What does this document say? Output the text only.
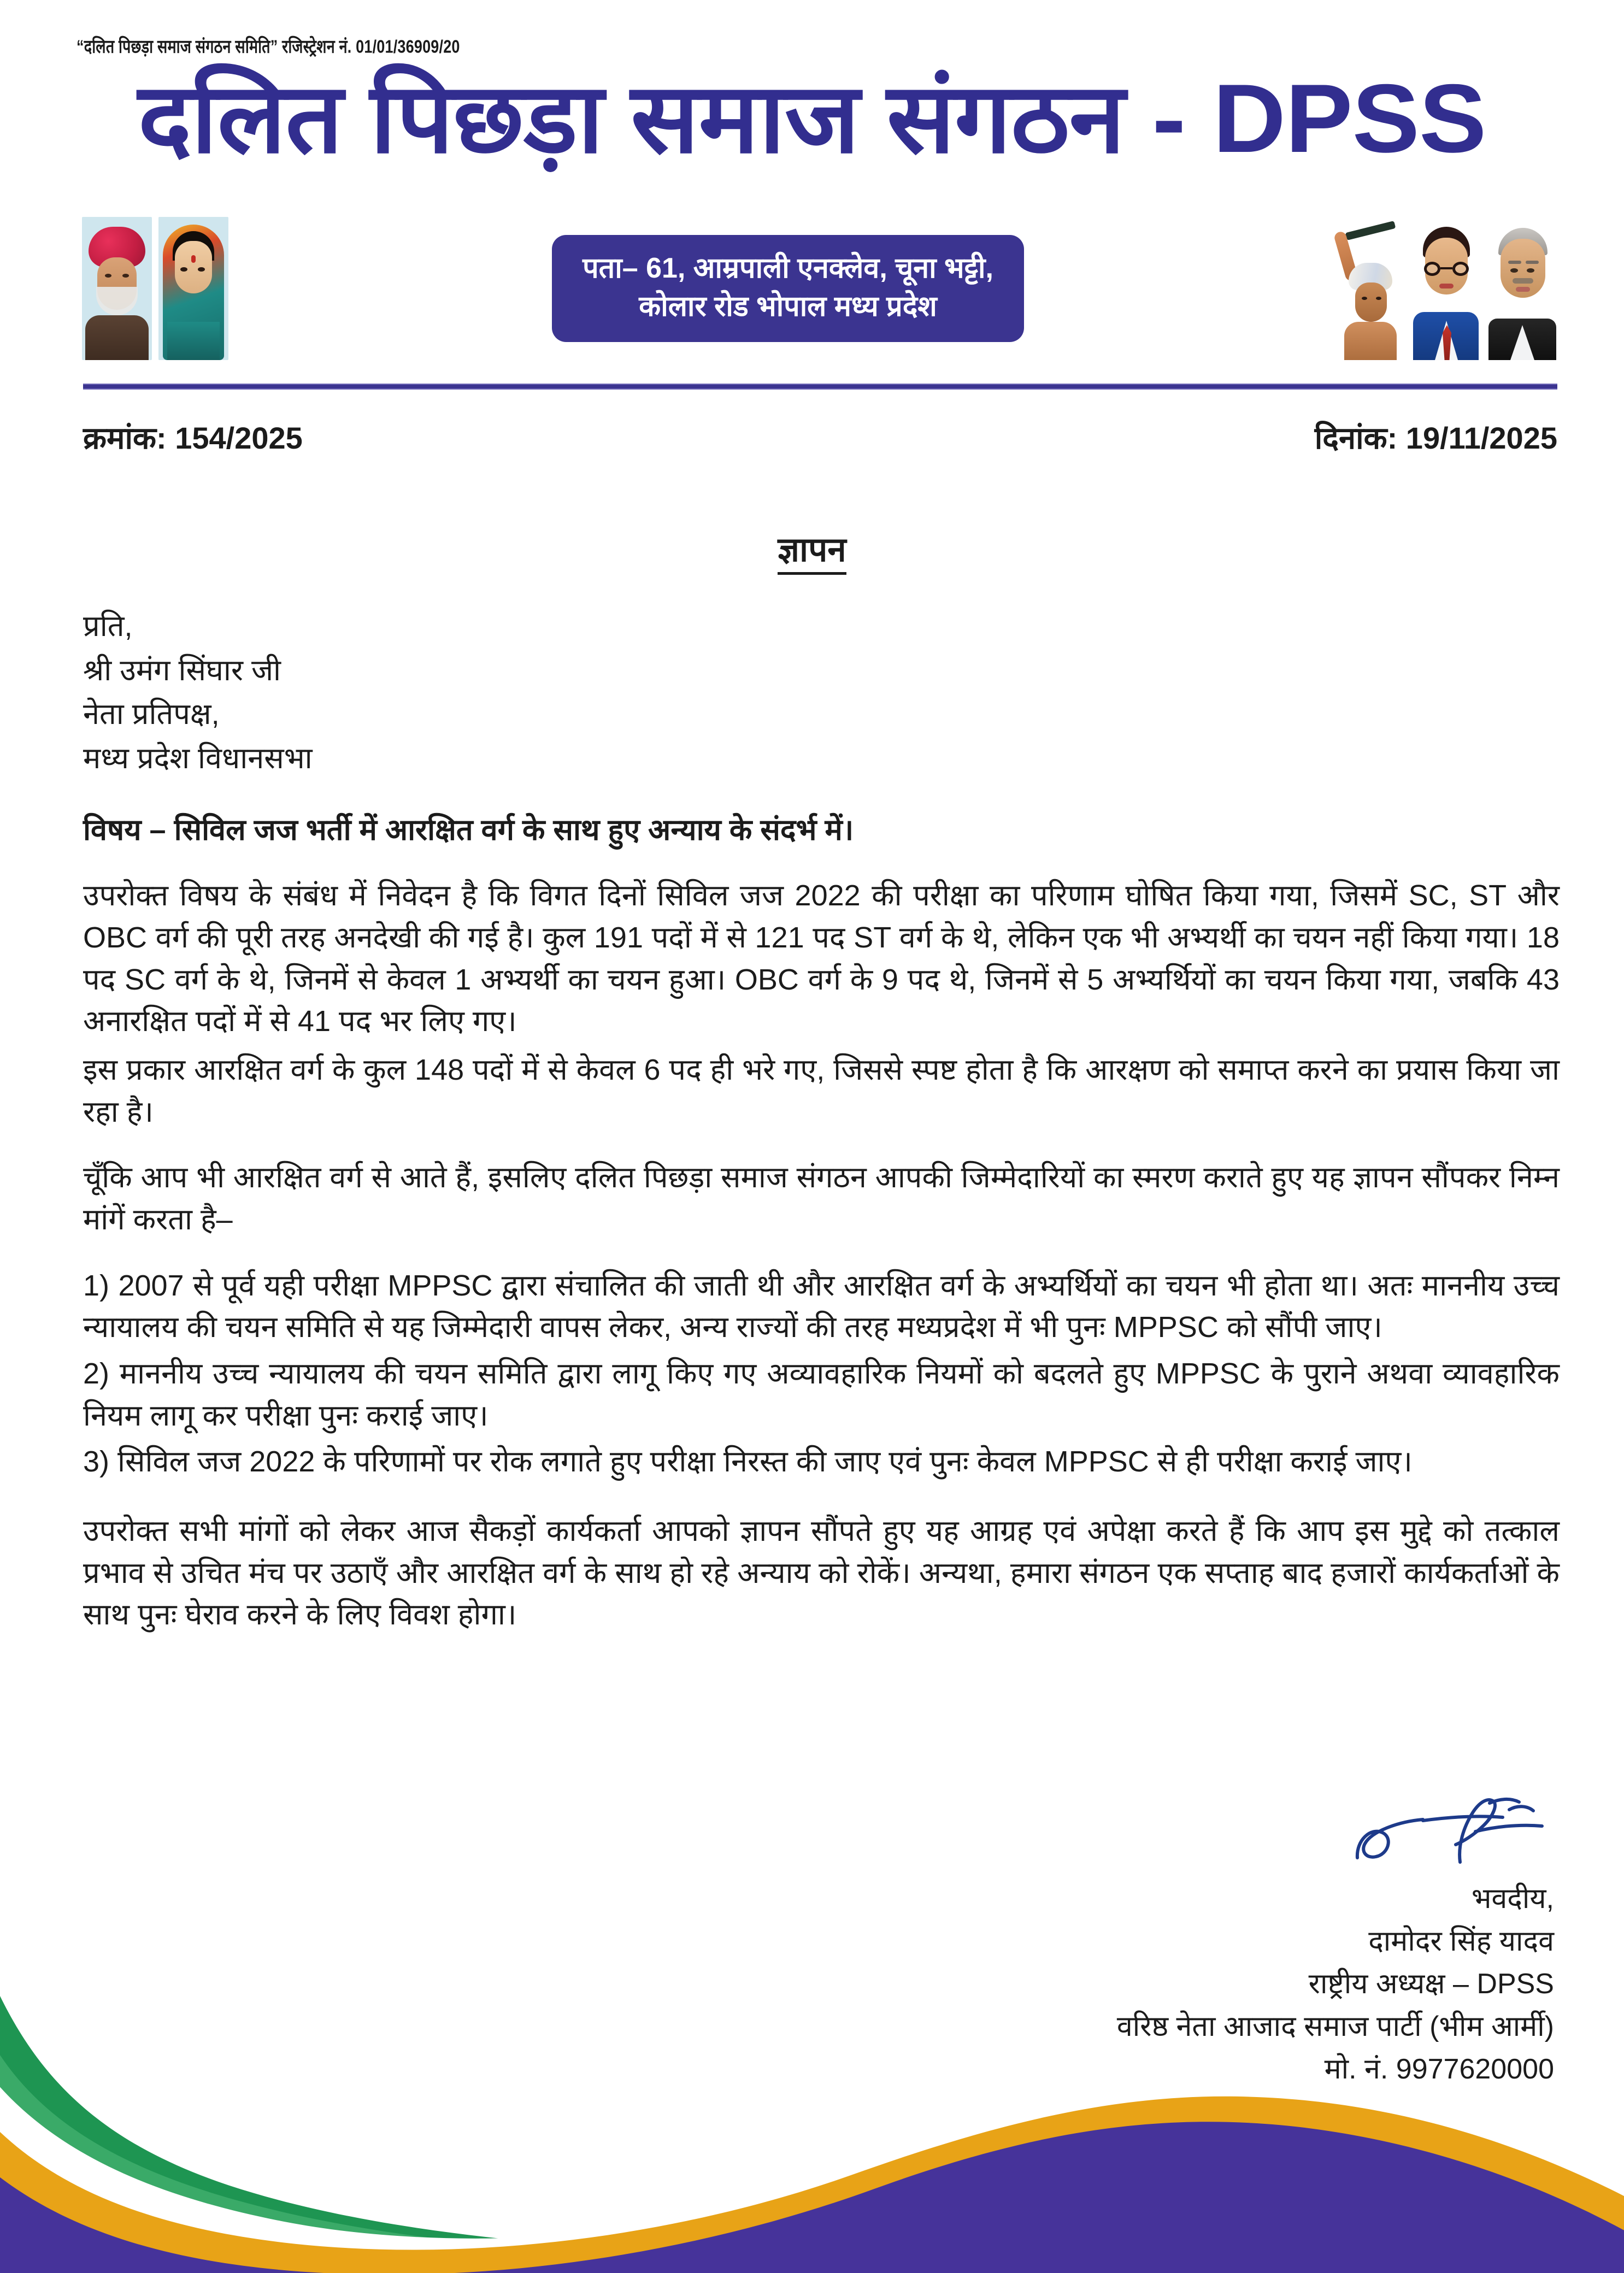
“दलित पिछड़ा समाज संगठन समिति” रजिस्ट्रेशन नं. 01/01/36909/20
दलित पिछड़ा समाज संगठन - DPSS
पता– 61, आम्रपाली एनक्लेव, चूना भट्टी,
कोलार रोड भोपाल मध्य प्रदेश
क्रमांक: 154/2025	दिनांक: 19/11/2025
ज्ञापन

प्रति,

श्री उमंग सिंघार जी

नेता प्रतिपक्ष,

मध्य प्रदेश विधानसभा

विषय – सिविल जज भर्ती में आरक्षित वर्ग के साथ हुए अन्याय के संदर्भ में।

उपरोक्त विषय के संबंध में निवेदन है कि विगत दिनों सिविल जज 2022 की परीक्षा का परिणाम घोषित किया गया, जिसमें SC, ST और OBC वर्ग की पूरी तरह अनदेखी की गई है। कुल 191 पदों में से 121 पद ST वर्ग के थे, लेकिन एक भी अभ्यर्थी का चयन नहीं किया गया। 18 पद SC वर्ग के थे, जिनमें से केवल 1 अभ्यर्थी का चयन हुआ। OBC वर्ग के 9 पद थे, जिनमें से 5 अभ्यर्थियों का चयन किया गया, जबकि 43 अनारक्षित पदों में से 41 पद भर लिए गए।

इस प्रकार आरक्षित वर्ग के कुल 148 पदों में से केवल 6 पद ही भरे गए, जिससे स्पष्ट होता है कि आरक्षण को समाप्त करने का प्रयास किया जा रहा है।

चूँकि आप भी आरक्षित वर्ग से आते हैं, इसलिए दलित पिछड़ा समाज संगठन आपकी जिम्मेदारियों का स्मरण कराते हुए यह ज्ञापन सौंपकर निम्न मांगें करता है–

1) 2007 से पूर्व यही परीक्षा MPPSC द्वारा संचालित की जाती थी और आरक्षित वर्ग के अभ्यर्थियों का चयन भी होता था। अतः माननीय उच्च न्यायालय की चयन समिति से यह जिम्मेदारी वापस लेकर, अन्य राज्यों की तरह मध्यप्रदेश में भी पुनः MPPSC को सौंपी जाए।

2) माननीय उच्च न्यायालय की चयन समिति द्वारा लागू किए गए अव्यावहारिक नियमों को बदलते हुए MPPSC के पुराने अथवा व्यावहारिक नियम लागू कर परीक्षा पुनः कराई जाए।

3) सिविल जज 2022 के परिणामों पर रोक लगाते हुए परीक्षा निरस्त की जाए एवं पुनः केवल MPPSC से ही परीक्षा कराई जाए।

उपरोक्त सभी मांगों को लेकर आज सैकड़ों कार्यकर्ता आपको ज्ञापन सौंपते हुए यह आग्रह एवं अपेक्षा करते हैं कि आप इस मुद्दे को तत्काल प्रभाव से उचित मंच पर उठाएँ और आरक्षित वर्ग के साथ हो रहे अन्याय को रोकें। अन्यथा, हमारा संगठन एक सप्ताह बाद हजारों कार्यकर्ताओं के साथ पुनः घेराव करने के लिए विवश होगा।

भवदीय,

दामोदर सिंह यादव

राष्ट्रीय अध्यक्ष – DPSS

वरिष्ठ नेता आजाद समाज पार्टी (भीम आर्मी)

मो. नं. 9977620000
